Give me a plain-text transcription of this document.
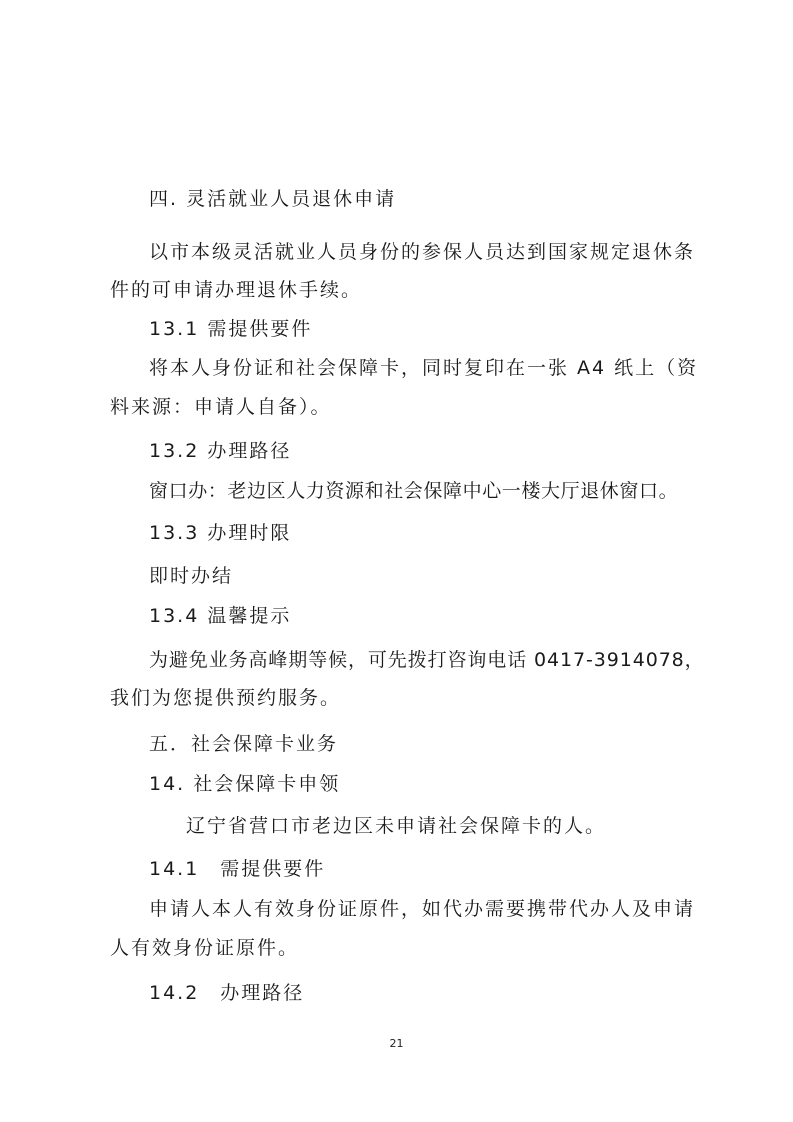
四. 灵活就业人员退休申请
以市本级灵活就业人员身份的参保人员达到国家规定退休条
件的可申请办理退休手续。
13.1 需提供要件
将本人身份证和社会保障卡，同时复印在一张 A4 纸上（资
料来源：申请人自备）。
13.2 办理路径
窗口办：老边区人力资源和社会保障中心一楼大厅退休窗口。
13.3 办理时限
即时办结
13.4 温馨提示
为避免业务高峰期等候，可先拨打咨询电话 0417-3914078，
我们为您提供预约服务。
五．社会保障卡业务
14. 社会保障卡申领
辽宁省营口市老边区未申请社会保障卡的人。
14.1　需提供要件
申请人本人有效身份证原件，如代办需要携带代办人及申请
人有效身份证原件。
14.2　办理路径
21
